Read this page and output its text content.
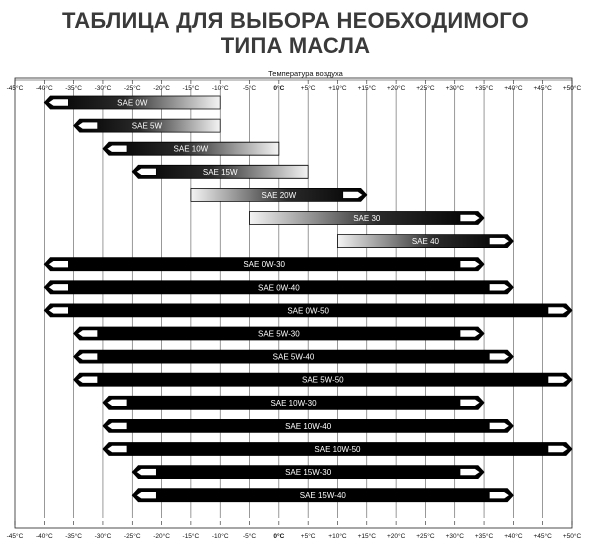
ТАБЛИЦА ДЛЯ ВЫБОРА НЕОБХОДИМОГО
ТИПА МАСЛА
-45°C -40°C -35°C -30°C -25°C -20°C -15°C -10°C -5°C	0°C	+5°C +10°C +15°C +20°C +25°C +30°C +35°C +40°C +45°C +50°C
-45°C -40°C -35°C -30°C -25°C -20°C -15°C -10°C -5°C	0°C	+5°C +10°C +15°C +20°C +25°C +30°C +35°C +40°C +45°C +50°C
Температура воздуха
SAE 0W
SAE 5W
SAE 10W
SAE 15W
SAE 20W
SAE 30
SAE 40
SAE 0W-30
SAE 0W-40
SAE 0W-50
SAE 5W-30
SAE 5W-40
SAE 5W-50
SAE 10W-30
SAE 10W-40
SAE 10W-50
SAE 15W-30
SAE 15W-40
